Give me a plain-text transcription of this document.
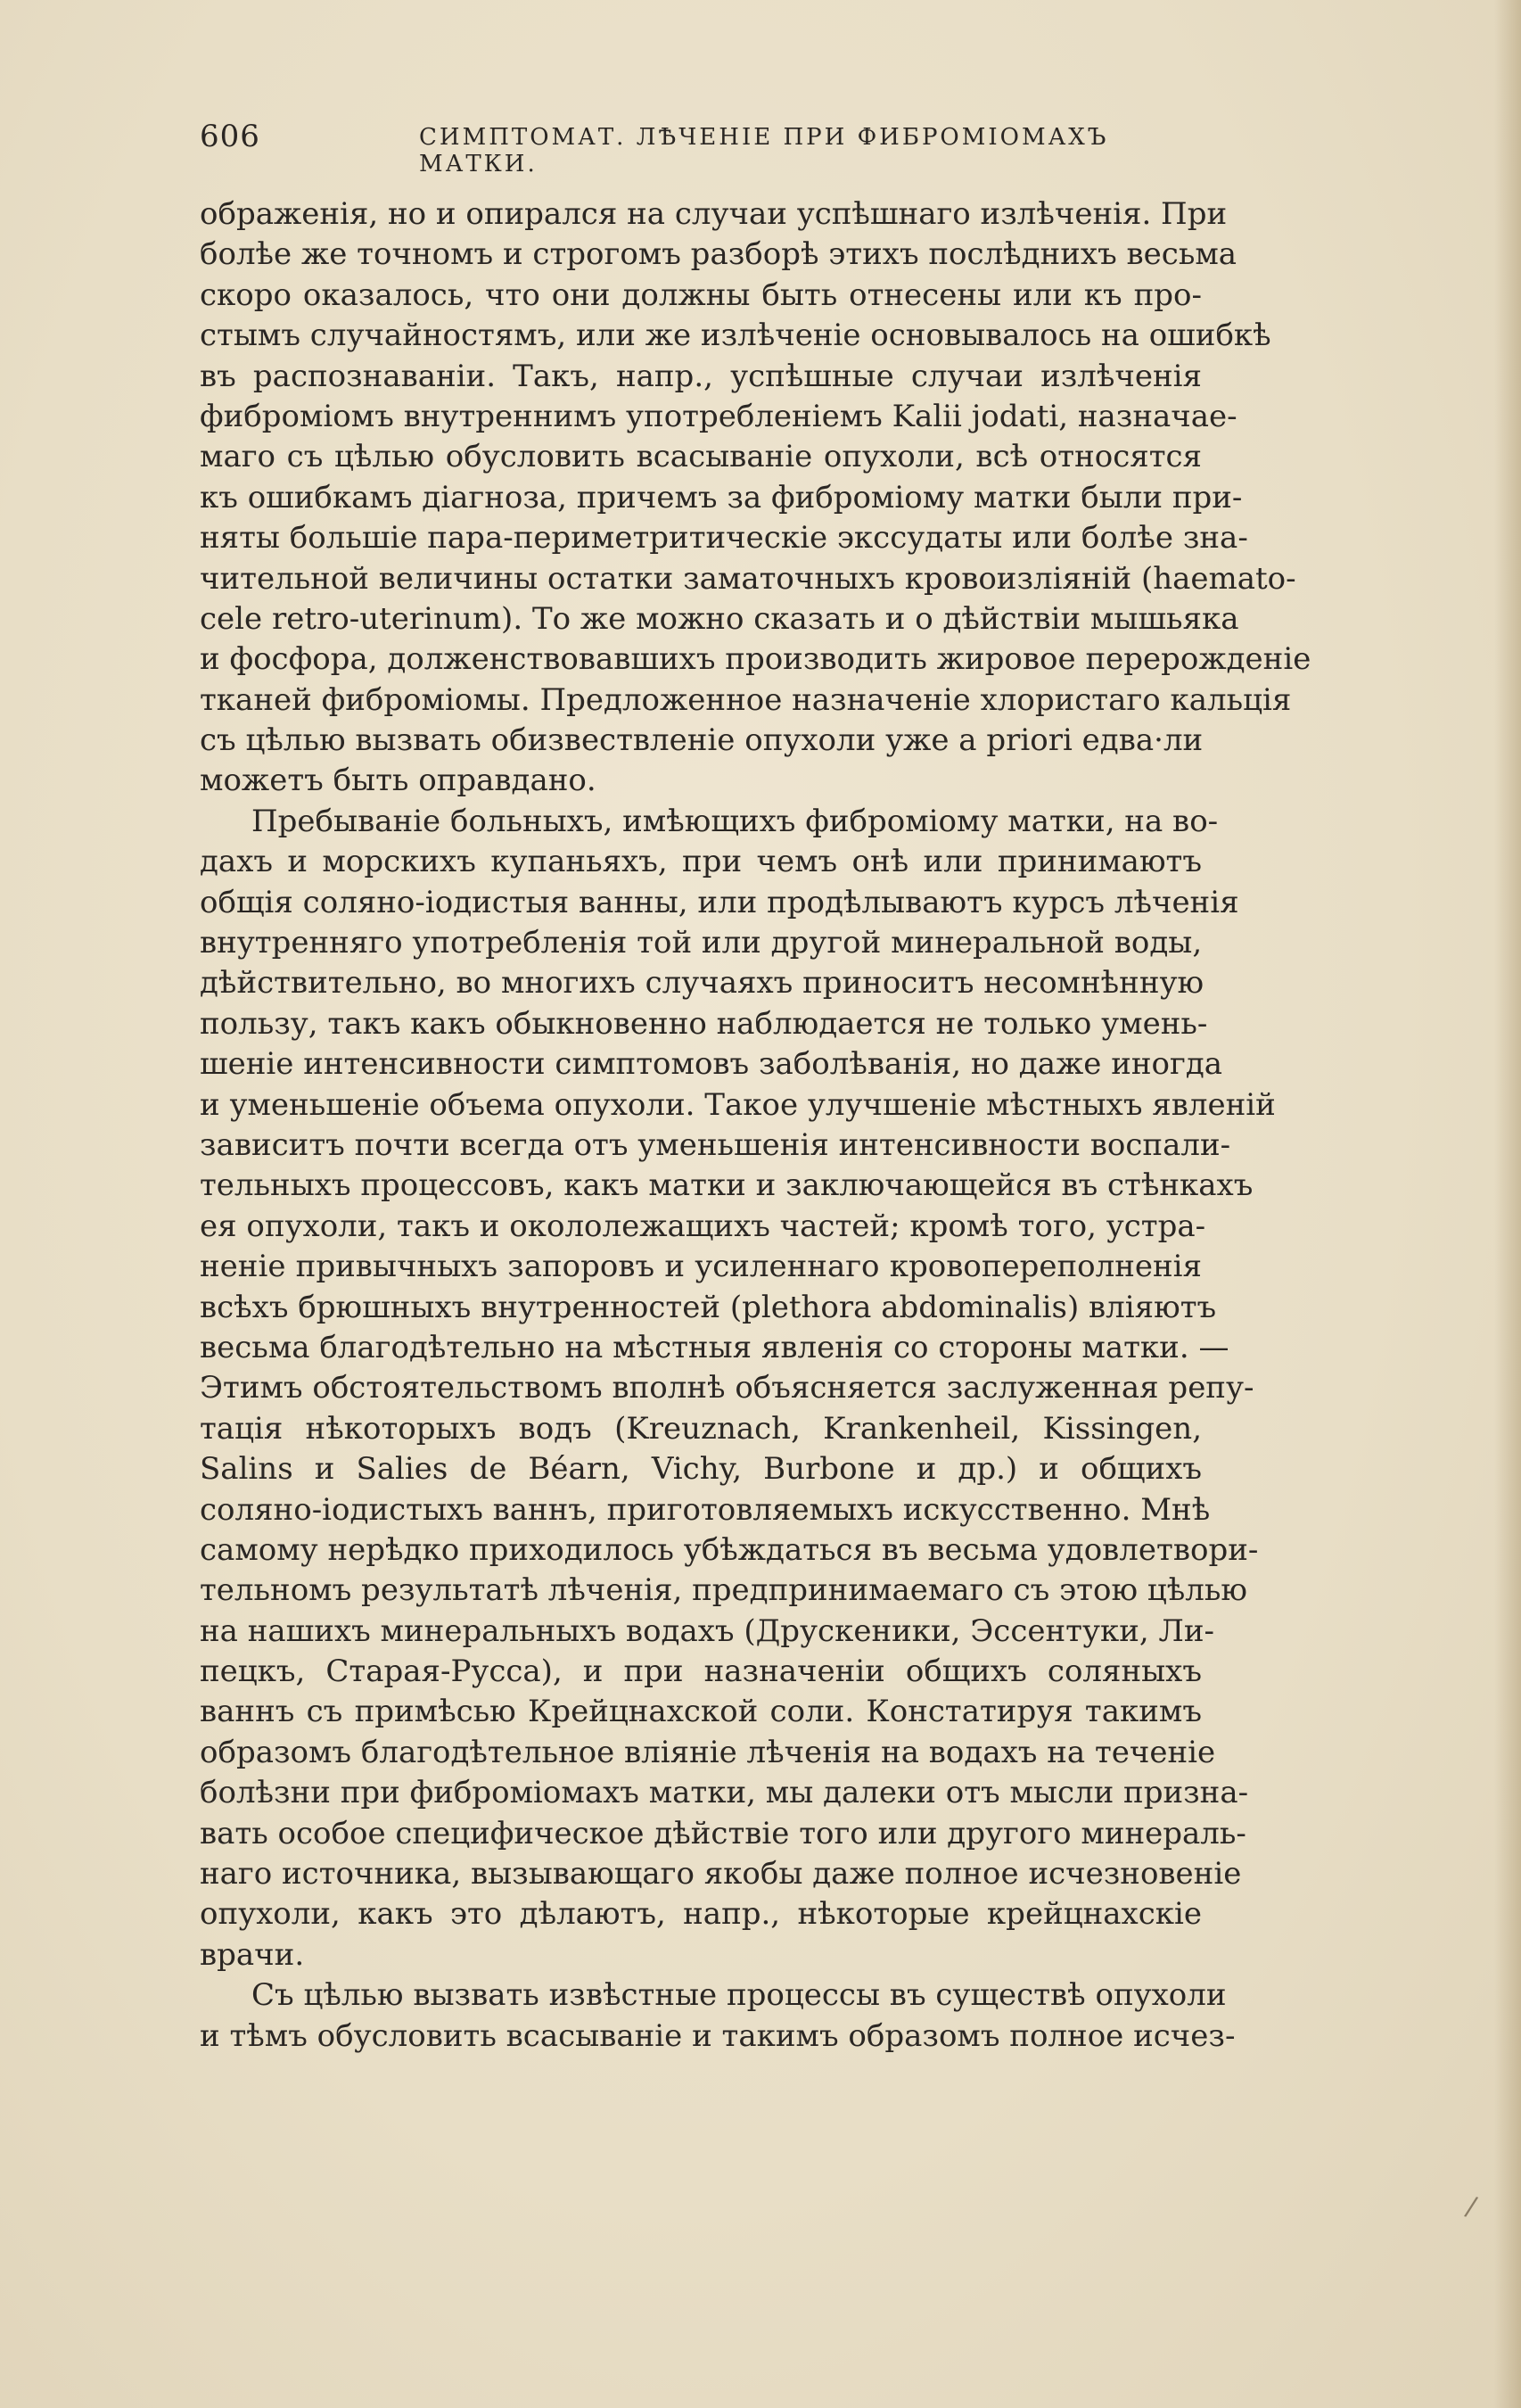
606	СИМПТОМАТ. ЛѢЧЕНІЕ ПРИ ФИБРОМІОМАХЪ МАТКИ.
ображенія, но и опирался на случаи успѣшнаго излѣченія. При
болѣе же точномъ и строгомъ разборѣ этихъ послѣднихъ весьма
скоро оказалось, что они должны быть отнесены или къ про-
стымъ случайностямъ, или же излѣченіе основывалось на ошибкѣ
въ распознаваніи. Такъ, напр., успѣшные случаи излѣченія
фиброміомъ внутреннимъ употребленіемъ Kalii jodati, назначае-
маго съ цѣлью обусловить всасываніе опухоли, всѣ относятся
къ ошибкамъ діагноза, причемъ за фиброміому матки были при-
няты большіе пара-периметритическіе экссудаты или болѣе зна-
чительной величины остатки заматочныхъ кровоизліяній (haemato-
cele retro-uterinum). То же можно сказать и о дѣйствіи мышьяка
и фосфора, долженствовавшихъ производить жировое перерожденіе
тканей фиброміомы. Предложенное назначеніе хлористаго кальція
съ цѣлью вызвать обизвествленіе опухоли уже a priori едва·ли
можетъ быть оправдано.
Пребываніе больныхъ, имѣющихъ фиброміому матки, на во-
дахъ и морскихъ купаньяхъ, при чемъ онѣ или принимаютъ
общія соляно-іодистыя ванны, или продѣлываютъ курсъ лѣченія
внутренняго употребленія той или другой минеральной воды,
дѣйствительно, во многихъ случаяхъ приноситъ несомнѣнную
пользу, такъ какъ обыкновенно наблюдается не только умень-
шеніе интенсивности симптомовъ заболѣванія, но даже иногда
и уменьшеніе объема опухоли. Такое улучшеніе мѣстныхъ явленій
зависитъ почти всегда отъ уменьшенія интенсивности воспали-
тельныхъ процессовъ, какъ матки и заключающейся въ стѣнкахъ
ея опухоли, такъ и окололежащихъ частей; кромѣ того, устра-
неніе привычныхъ запоровъ и усиленнаго кровопереполненія
всѣхъ брюшныхъ внутренностей (plethora abdominalis) вліяютъ
весьма благодѣтельно на мѣстныя явленія со стороны матки. —
Этимъ обстоятельствомъ вполнѣ объясняется заслуженная репу-
тація нѣкоторыхъ водъ (Kreuznach, Krankenheil, Kissingen,
Salins и Salies de Béarn, Vichy, Burbone и др.) и общихъ
соляно-іодистыхъ ваннъ, приготовляемыхъ искусственно. Мнѣ
самому нерѣдко приходилось убѣждаться въ весьма удовлетвори-
тельномъ результатѣ лѣченія, предпринимаемаго съ этою цѣлью
на нашихъ минеральныхъ водахъ (Друскеники, Эссентуки, Ли-
пецкъ, Старая-Русса), и при назначеніи общихъ соляныхъ
ваннъ съ примѣсью Крейцнахской соли. Констатируя такимъ
образомъ благодѣтельное вліяніе лѣченія на водахъ на теченіе
болѣзни при фиброміомахъ матки, мы далеки отъ мысли призна-
вать особое специфическое дѣйствіе того или другого минераль-
наго источника, вызывающаго якобы даже полное исчезновеніе
опухоли, какъ это дѣлаютъ, напр., нѣкоторые крейцнахскіе
врачи.
Съ цѣлью вызвать извѣстные процессы въ существѣ опухоли
и тѣмъ обусловить всасываніе и такимъ образомъ полное исчез-
/
